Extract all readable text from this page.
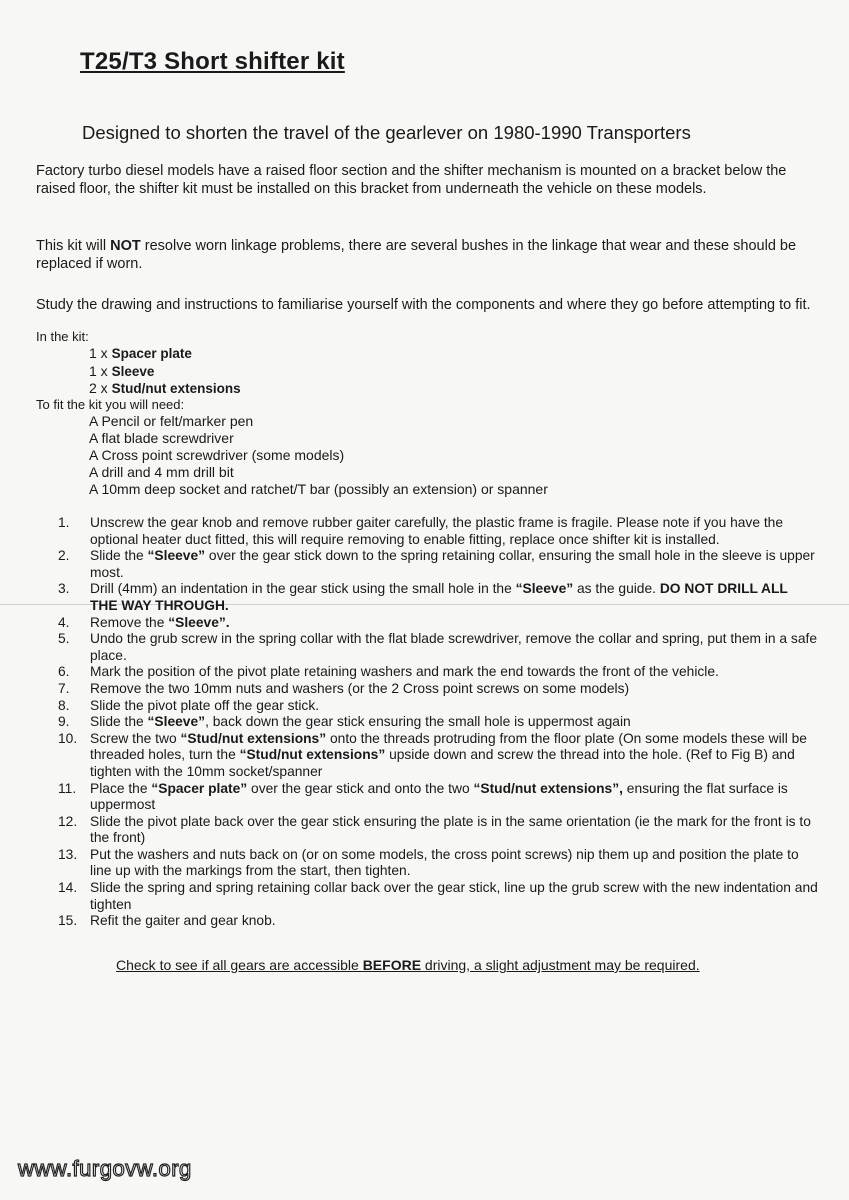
T25/T3 Short shifter kit
Designed to shorten the travel of the gearlever on 1980-1990 Transporters
Factory turbo diesel models have a raised floor section and the shifter mechanism is mounted on a bracket below the raised floor, the shifter kit must be installed on this bracket from underneath the vehicle on these models.
This kit will NOT resolve worn linkage problems, there are several bushes in the linkage that wear and these should be replaced if worn.
Study the drawing and instructions to familiarise yourself with the components and where they go before attempting to fit.
In the kit:
1 x Spacer plate
1 x Sleeve
2 x Stud/nut extensions
To fit the kit you will need:
A Pencil or felt/marker pen
A flat blade screwdriver
A Cross point screwdriver (some models)
A drill and 4 mm drill bit
A 10mm deep socket and ratchet/T bar (possibly an extension) or spanner
1.	Unscrew the gear knob and remove rubber gaiter carefully, the plastic frame is fragile. Please note if you have the optional heater duct fitted, this will require removing to enable fitting, replace once shifter kit is installed.
2.	Slide the “Sleeve” over the gear stick down to the spring retaining collar, ensuring the small hole in the sleeve is upper most.
3.	Drill (4mm) an indentation in the gear stick using the small hole in the “Sleeve” as the guide. DO NOT DRILL ALL THE WAY THROUGH.
4.	Remove the “Sleeve”.
5.	Undo the grub screw in the spring collar with the flat blade screwdriver, remove the collar and spring, put them in a safe place.
6.	Mark the position of the pivot plate retaining washers and mark the end towards the front of the vehicle.
7.	Remove the two 10mm nuts and washers (or the 2 Cross point screws on some models)
8.	Slide the pivot plate off the gear stick.
9.	Slide the “Sleeve”, back down the gear stick ensuring the small hole is uppermost again
10. Screw the two “Stud/nut extensions” onto the threads protruding from the floor plate (On some models these will be threaded holes, turn the “Stud/nut extensions” upside down and screw the thread into the hole. (Ref to Fig B) and tighten with the 10mm socket/spanner
11.	Place the “Spacer plate” over the gear stick and onto the two “Stud/nut extensions”, ensuring the flat surface is uppermost
12. Slide the pivot plate back over the gear stick ensuring the plate is in the same orientation (ie the mark for the front is to the front)
13. Put the washers and nuts back on (or on some models, the cross point screws) nip them up and position the plate to line up with the markings from the start, then tighten.
14. Slide the spring and spring retaining collar back over the gear stick, line up the grub screw with the new indentation and tighten
15. Refit the gaiter and gear knob.
Check to see if all gears are accessible BEFORE driving, a slight adjustment may be required.
www.furgovw.org
